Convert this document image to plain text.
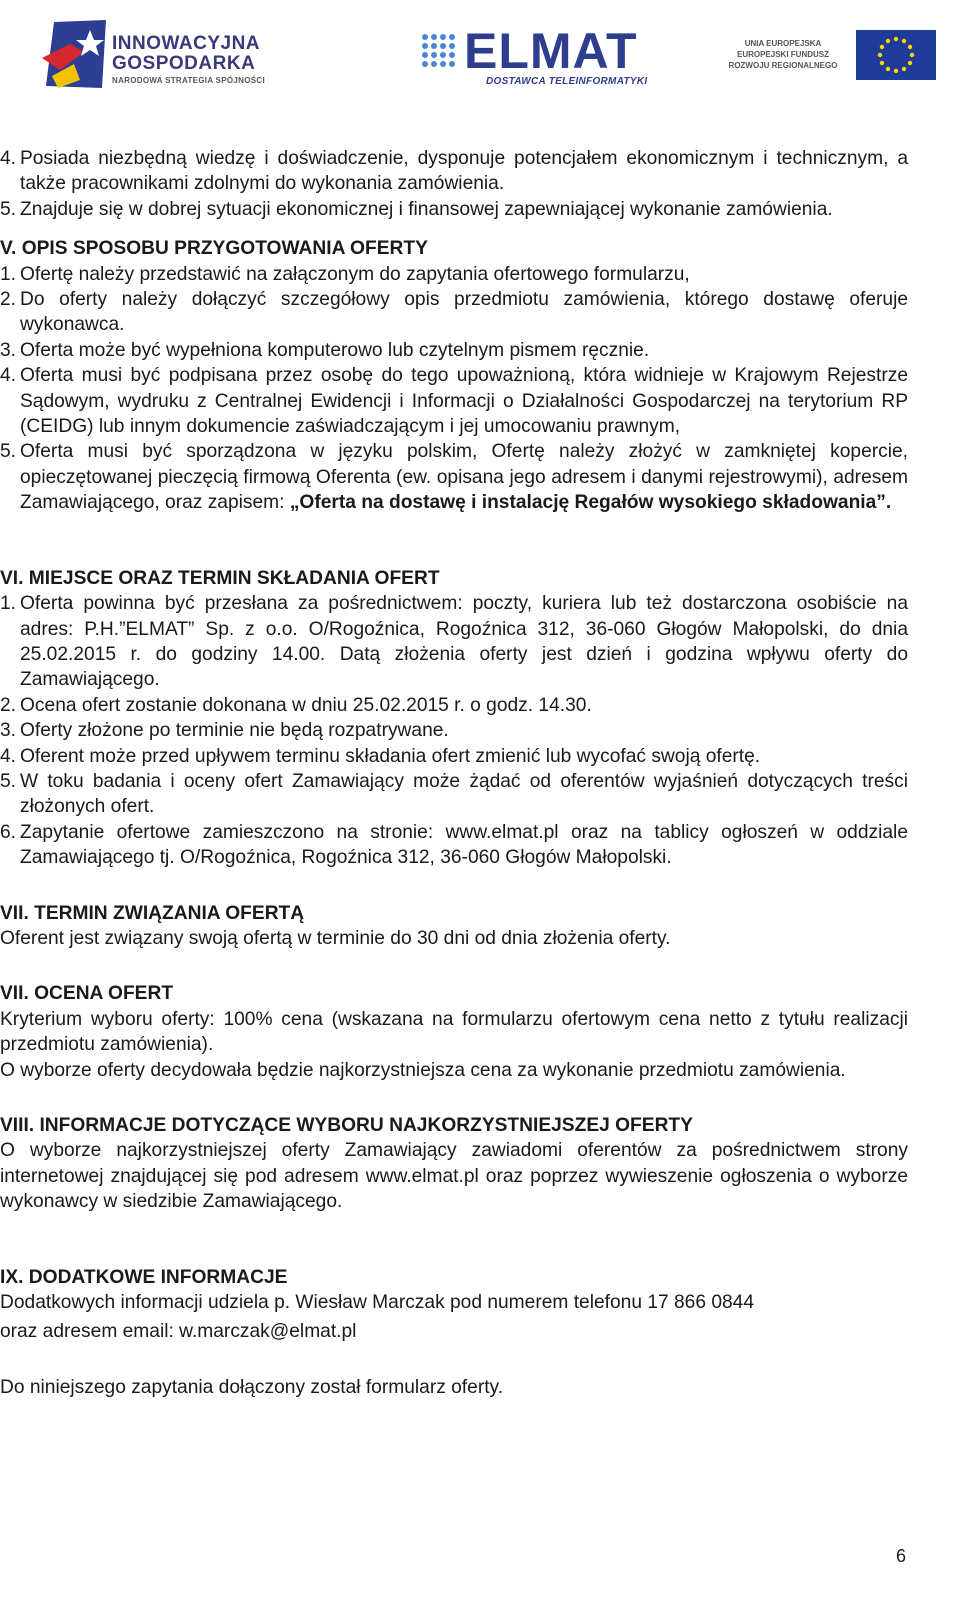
INNOWACYJNA
GOSPODARKA
NARODOWA STRATEGIA SPÓJNOŚCI
ELMAT
DOSTAWCA TELEINFORMATYKI
UNIA EUROPEJSKA
EUROPEJSKI FUNDUSZ
ROZWOJU REGIONALNEGO
4. Posiada niezbędną wiedzę i doświadczenie, dysponuje potencjałem ekonomicznym i technicznym, a także pracownikami zdolnymi do wykonania zamówienia.
5. Znajduje się w dobrej sytuacji ekonomicznej i finansowej zapewniającej wykonanie zamówienia.

V. OPIS SPOSOBU PRZYGOTOWANIA OFERTY

1. Ofertę należy przedstawić na załączonym do zapytania ofertowego formularzu,
2. Do oferty należy dołączyć szczegółowy opis przedmiotu zamówienia, którego dostawę oferuje wykonawca.
3. Oferta może być wypełniona komputerowo lub czytelnym pismem ręcznie.
4. Oferta musi być podpisana przez osobę do tego upoważnioną, która widnieje w Krajowym Rejestrze Sądowym, wydruku z Centralnej Ewidencji i Informacji o Działalności Gospodarczej na terytorium RP (CEIDG) lub innym dokumencie zaświadczającym i jej umocowaniu prawnym,
5. Oferta musi być sporządzona w języku polskim, Ofertę należy złożyć w zamkniętej kopercie, opieczętowanej pieczęcią firmową Oferenta (ew. opisana jego adresem i danymi rejestrowymi), adresem Zamawiającego, oraz zapisem: „Oferta na dostawę i instalację Regałów wysokiego składowania”.

VI. MIEJSCE ORAZ TERMIN SKŁADANIA OFERT

1. Oferta powinna być przesłana za pośrednictwem: poczty, kuriera lub też dostarczona osobiście na adres: P.H.”ELMAT” Sp. z o.o. O/Rogoźnica, Rogoźnica 312, 36-060 Głogów Małopolski, do dnia 25.02.2015 r. do godziny 14.00. Datą złożenia oferty jest dzień i godzina wpływu oferty do Zamawiającego.
2. Ocena ofert zostanie dokonana w dniu 25.02.2015 r. o godz. 14.30.
3. Oferty złożone po terminie nie będą rozpatrywane.
4. Oferent może przed upływem terminu składania ofert zmienić lub wycofać swoją ofertę.
5. W toku badania i oceny ofert Zamawiający może żądać od oferentów wyjaśnień dotyczących treści złożonych ofert.
6. Zapytanie ofertowe zamieszczono na stronie: www.elmat.pl oraz na tablicy ogłoszeń w oddziale Zamawiającego tj. O/Rogoźnica, Rogoźnica 312, 36-060 Głogów Małopolski.

VII. TERMIN ZWIĄZANIA OFERTĄ

Oferent jest związany swoją ofertą w terminie do 30 dni od dnia złożenia oferty.

VII. OCENA OFERT

Kryterium wyboru oferty: 100% cena (wskazana na formularzu ofertowym cena netto z tytułu realizacji przedmiotu zamówienia).

O wyborze oferty decydowała będzie najkorzystniejsza cena za wykonanie przedmiotu zamówienia.

VIII. INFORMACJE DOTYCZĄCE WYBORU NAJKORZYSTNIEJSZEJ OFERTY

O wyborze najkorzystniejszej oferty Zamawiający zawiadomi oferentów za pośrednictwem strony internetowej znajdującej się pod adresem www.elmat.pl oraz poprzez wywieszenie ogłoszenia o wyborze wykonawcy w siedzibie Zamawiającego.

IX. DODATKOWE INFORMACJE

Dodatkowych informacji udziela p. Wiesław Marczak pod numerem telefonu 17 866 0844

oraz adresem email: w.marczak@elmat.pl

Do niniejszego zapytania dołączony został formularz oferty.

6
